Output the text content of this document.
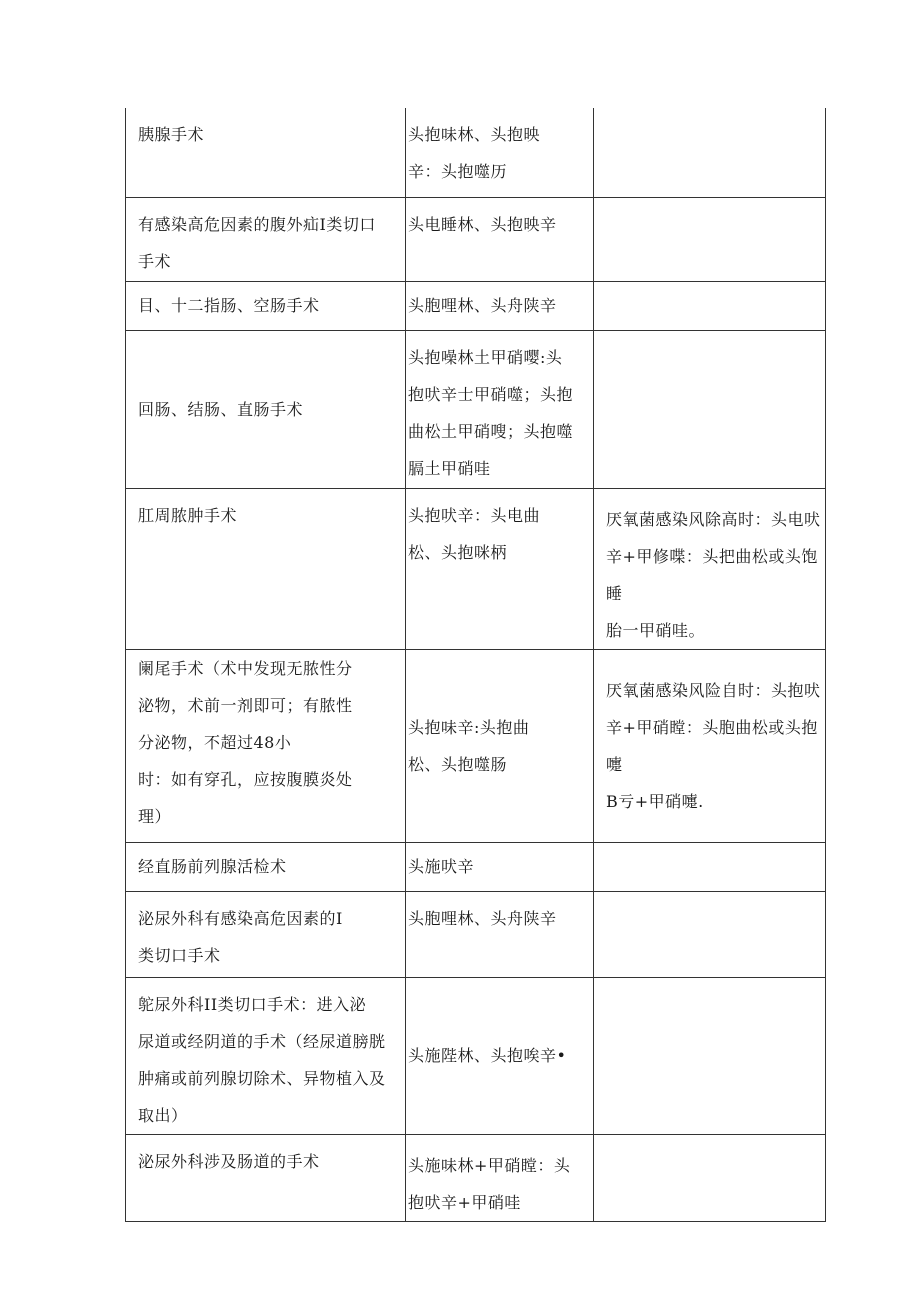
胰腺手术	头抱味林、头抱映
辛：头抱噬历	
有感染高危因素的腹外疝I类切口
手术	头电睡林、头抱映辛	
目、十二指肠、空肠手术	头胞哩林、头舟陕辛	
回肠、结肠、直肠手术	头抱噪林土甲硝嘤:头
抱吠辛士甲硝噬；头抱
曲松土甲硝嗖；头抱噬
膈土甲硝哇	
肛周脓肿手术	头抱吠辛：头电曲
松、头抱咪柄	厌氧菌感染风除高时：头电吠
辛+甲修喋：头把曲松或头饱睡
胎一甲硝哇。
阑尾手术（术中发现无脓性分
泌物，术前一剂即可；有脓性
分泌物，不超过48小
时：如有穿孔，应按腹膜炎处
理）	头抱味辛:头抱曲
松、头抱噬肠	厌氧菌感染风险自时：头抱吠
辛+甲硝瞠：头胞曲松或头抱嚏
B亏+甲硝嚏.
经直肠前列腺活检术	头施吠辛	
泌尿外科有感染高危因素的I
类切口手术	头胞哩林、头舟陕辛	
鸵尿外科II类切口手术：进入泌
尿道或经阴道的手术（经尿道膀胱
肿痛或前列腺切除术、异物植入及
取出）	头施陛林、头抱唉辛•	
泌尿外科涉及肠道的手术	头施味林+甲硝瞠：头
抱吠辛+甲硝哇	
